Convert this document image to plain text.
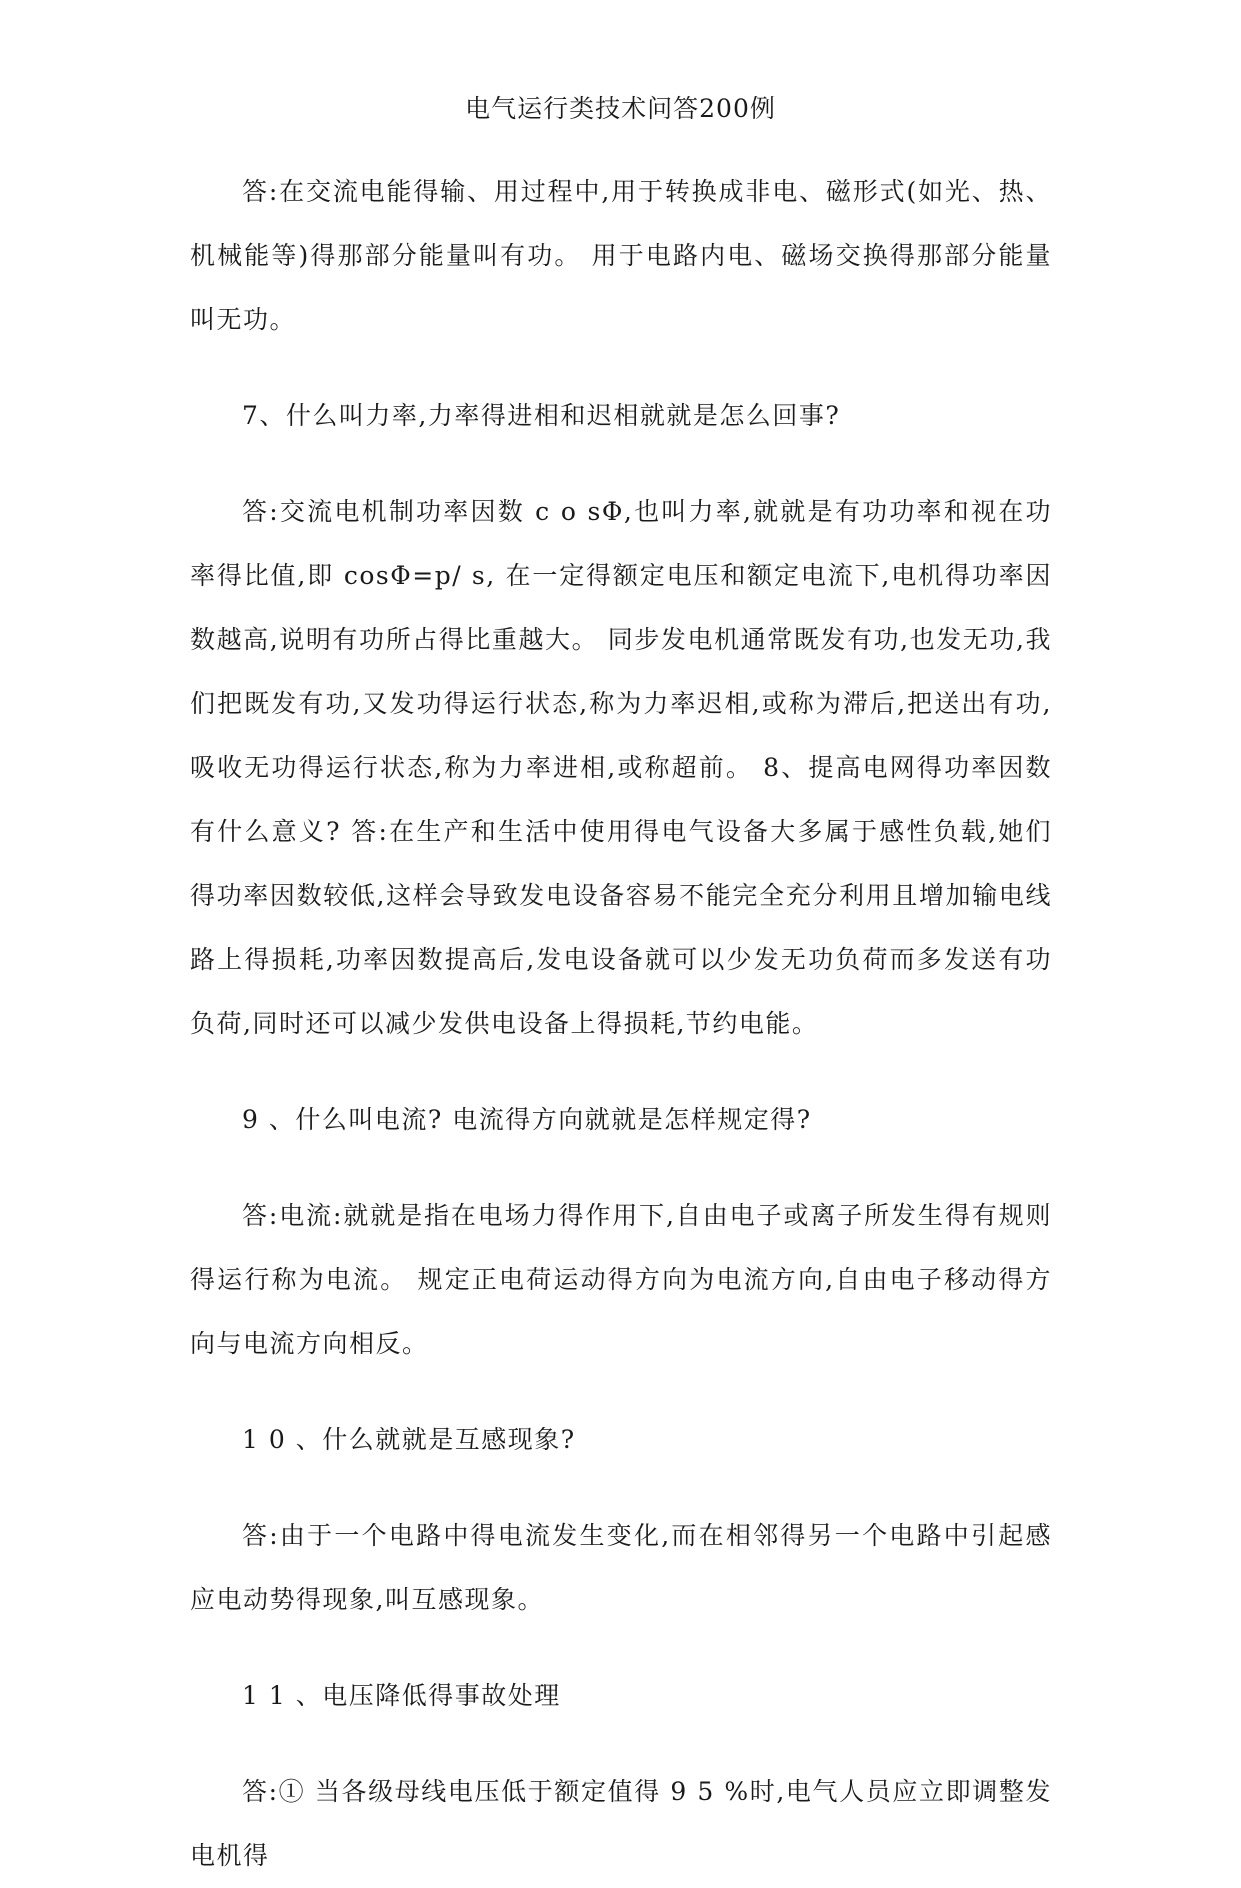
电气运行类技术问答200例

答:在交流电能得输、用过程中,用于转换成非电、磁形式(如光、热、机械能等)得那部分能量叫有功。 用于电路内电、磁场交换得那部分能量叫无功。

7、什么叫力率,力率得进相和迟相就就是怎么回事?

答:交流电机制功率因数 c o sΦ,也叫力率,就就是有功功率和视在功率得比值,即 cosΦ=p/ s, 在一定得额定电压和额定电流下,电机得功率因数越高,说明有功所占得比重越大。 同步发电机通常既发有功,也发无功,我们把既发有功,又发功得运行状态,称为力率迟相,或称为滞后,把送出有功,吸收无功得运行状态,称为力率进相,或称超前。 8、提高电网得功率因数有什么意义? 答:在生产和生活中使用得电气设备大多属于感性负载,她们得功率因数较低,这样会导致发电设备容易不能完全充分利用且增加输电线路上得损耗,功率因数提高后,发电设备就可以少发无功负荷而多发送有功负荷,同时还可以减少发供电设备上得损耗,节约电能。

9 、什么叫电流? 电流得方向就就是怎样规定得?

答:电流:就就是指在电场力得作用下,自由电子或离子所发生得有规则得运行称为电流。 规定正电荷运动得方向为电流方向,自由电子移动得方向与电流方向相反。

1 0 、什么就就是互感现象?

答:由于一个电路中得电流发生变化,而在相邻得另一个电路中引起感应电动势得现象,叫互感现象。

1 1 、电压降低得事故处理

答:① 当各级母线电压低于额定值得 9 5 %时,电气人员应立即调整发电机得
